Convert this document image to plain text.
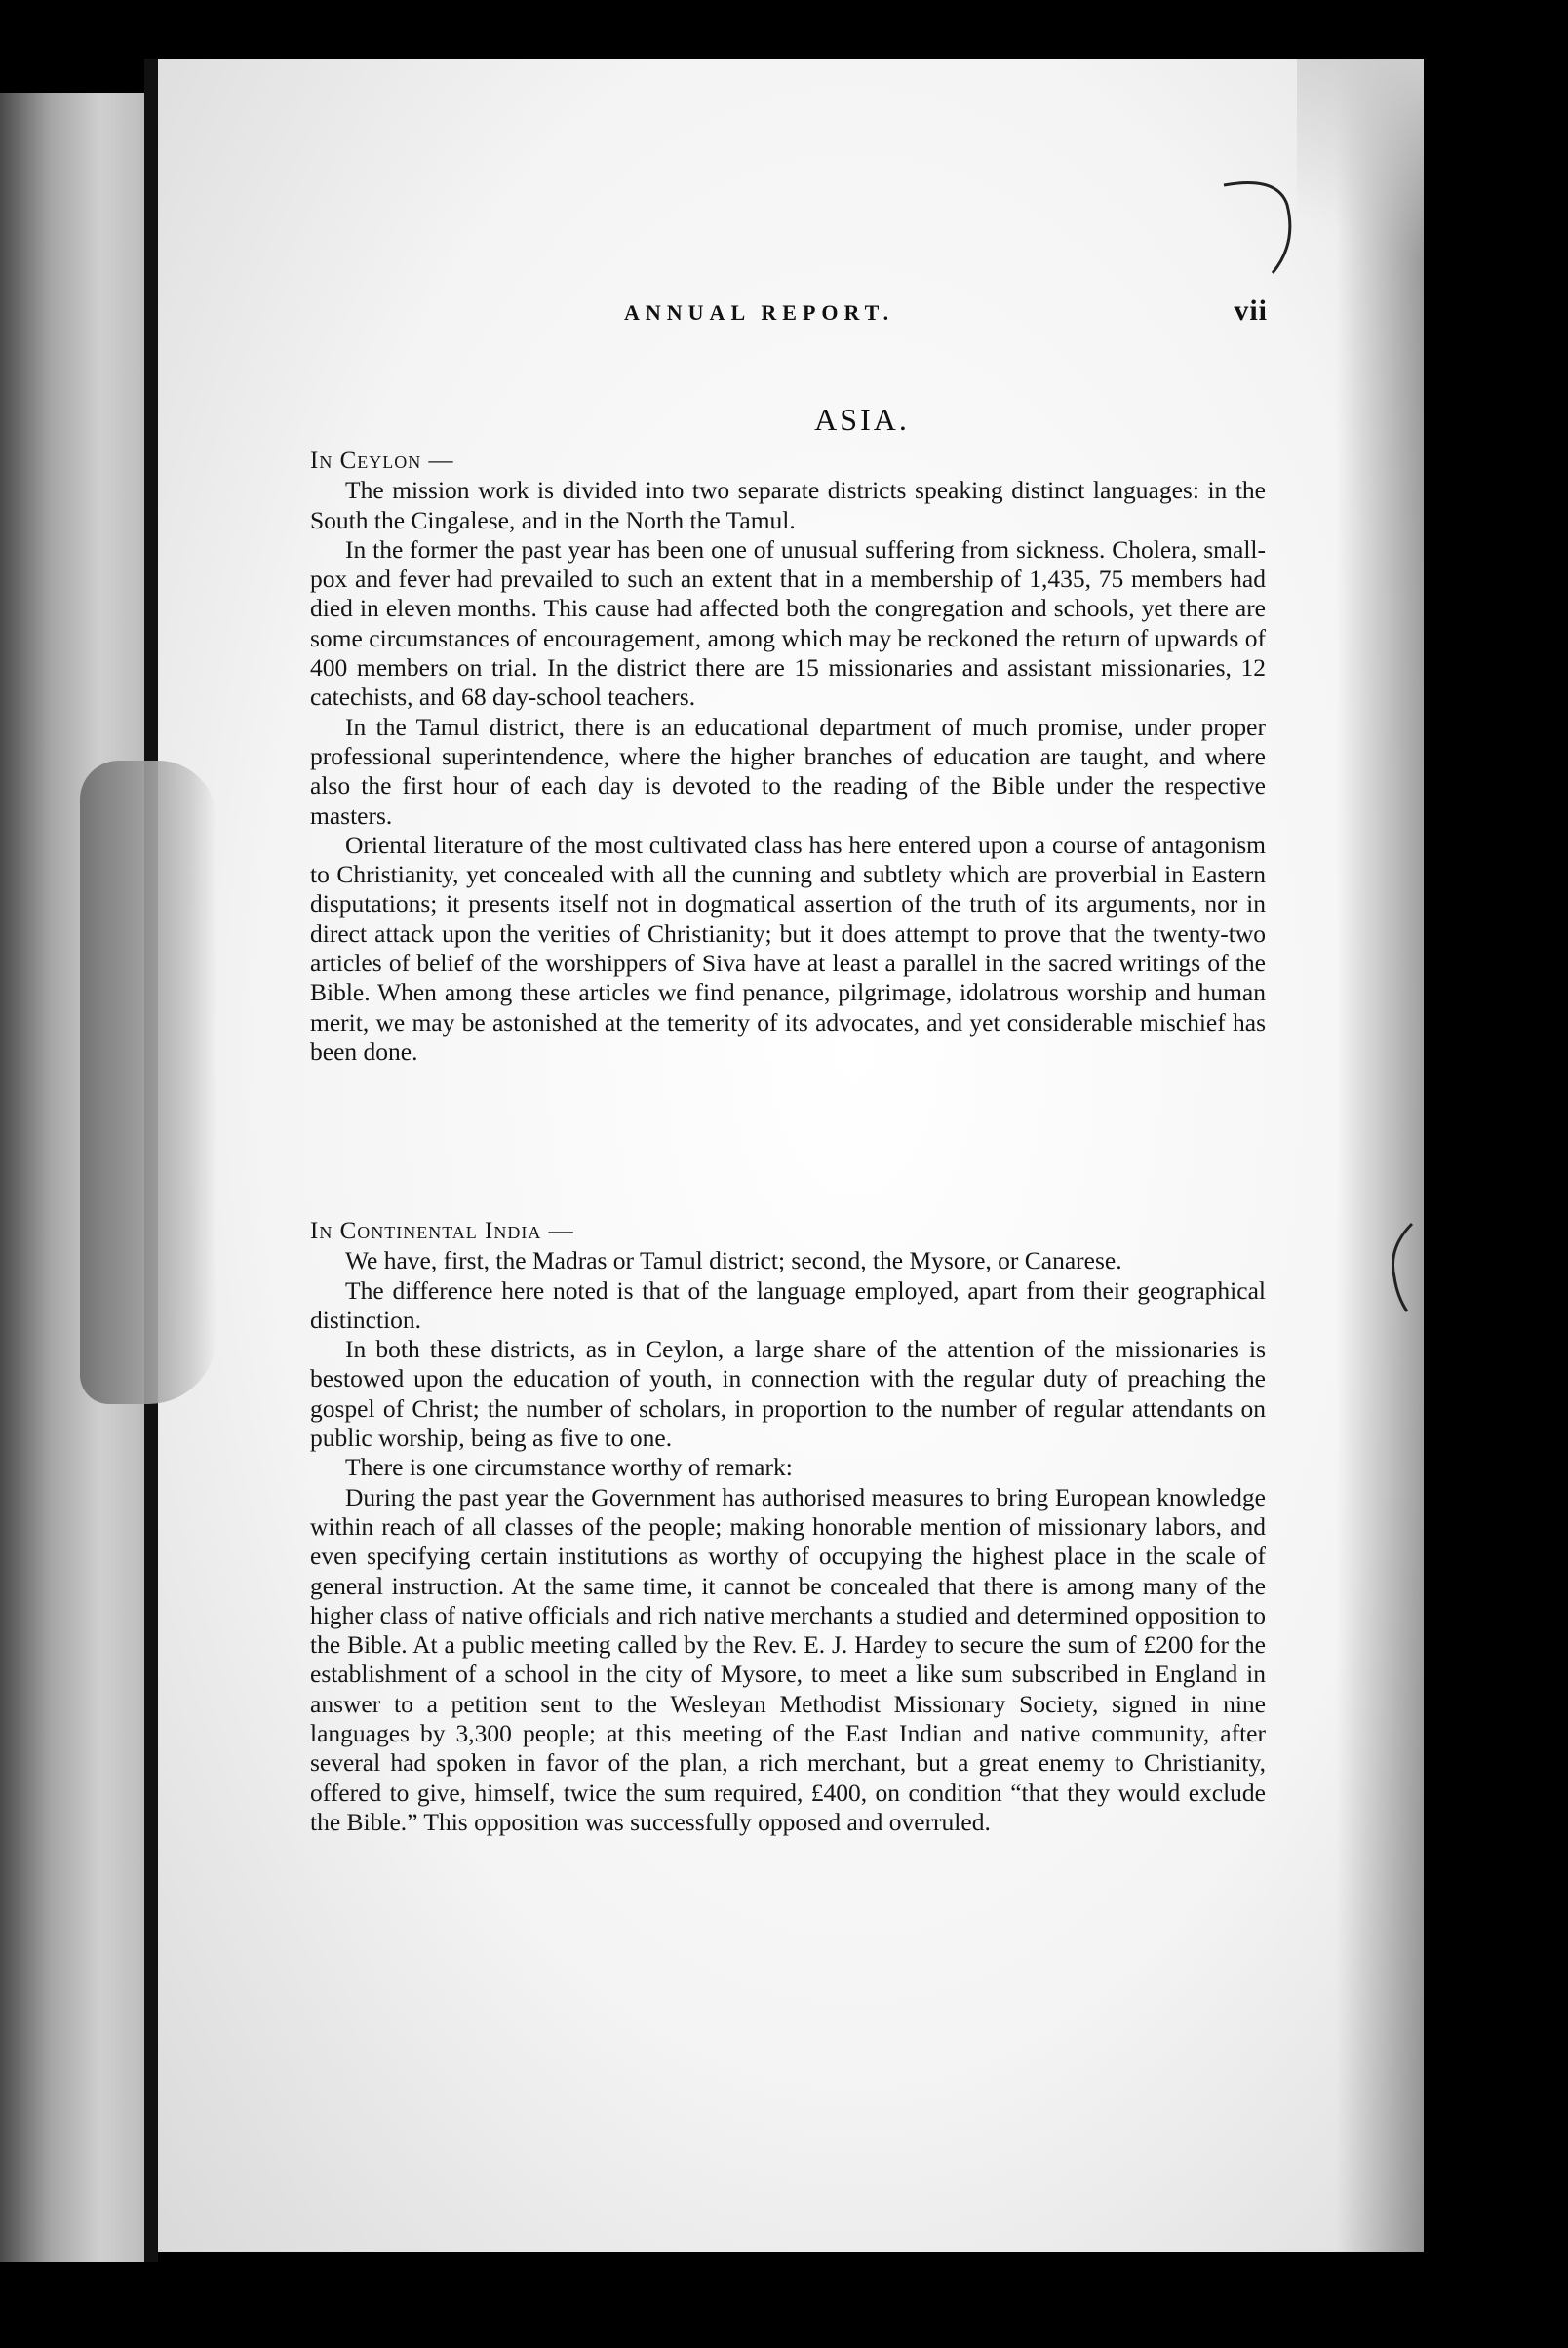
ANNUAL REPORT.	vii
ASIA.

In Ceylon —

The mission work is divided into two separate districts speaking distinct languages: in the South the Cingalese, and in the North the Tamul.

In the former the past year has been one of unusual suffering from sickness. Cholera, small-pox and fever had prevailed to such an extent that in a membership of 1,435, 75 members had died in eleven months. This cause had affected both the congregation and schools, yet there are some circumstances of encouragement, among which may be reckoned the return of upwards of 400 members on trial. In the district there are 15 missionaries and assistant missionaries, 12 catechists, and 68 day-school teachers.

In the Tamul district, there is an educational department of much promise, under proper professional superintendence, where the higher branches of education are taught, and where also the first hour of each day is devoted to the reading of the Bible under the respective masters.

Oriental literature of the most cultivated class has here entered upon a course of antagonism to Christianity, yet concealed with all the cunning and subtlety which are proverbial in Eastern disputations; it presents itself not in dogmatical assertion of the truth of its arguments, nor in direct attack upon the verities of Christianity; but it does attempt to prove that the twenty-two articles of belief of the worshippers of Siva have at least a parallel in the sacred writings of the Bible. When among these articles we find penance, pilgrimage, idolatrous worship and human merit, we may be astonished at the temerity of its advocates, and yet considerable mischief has been done.

In Continental India —

We have, first, the Madras or Tamul district; second, the Mysore, or Canarese.

The difference here noted is that of the language employed, apart from their geographical distinction.

In both these districts, as in Ceylon, a large share of the attention of the missionaries is bestowed upon the education of youth, in connection with the regular duty of preaching the gospel of Christ; the number of scholars, in proportion to the number of regular attendants on public worship, being as five to one.

There is one circumstance worthy of remark:

During the past year the Government has authorised measures to bring European knowledge within reach of all classes of the people; making honorable mention of missionary labors, and even specifying certain institutions as worthy of occupying the highest place in the scale of general instruction. At the same time, it cannot be concealed that there is among many of the higher class of native officials and rich native merchants a studied and determined opposition to the Bible. At a public meeting called by the Rev. E. J. Hardey to secure the sum of £200 for the establishment of a school in the city of Mysore, to meet a like sum subscribed in England in answer to a petition sent to the Wesleyan Methodist Missionary Society, signed in nine languages by 3,300 people; at this meeting of the East Indian and native community, after several had spoken in favor of the plan, a rich merchant, but a great enemy to Christianity, offered to give, himself, twice the sum required, £400, on condition “that they would exclude the Bible.” This opposition was successfully opposed and overruled.
